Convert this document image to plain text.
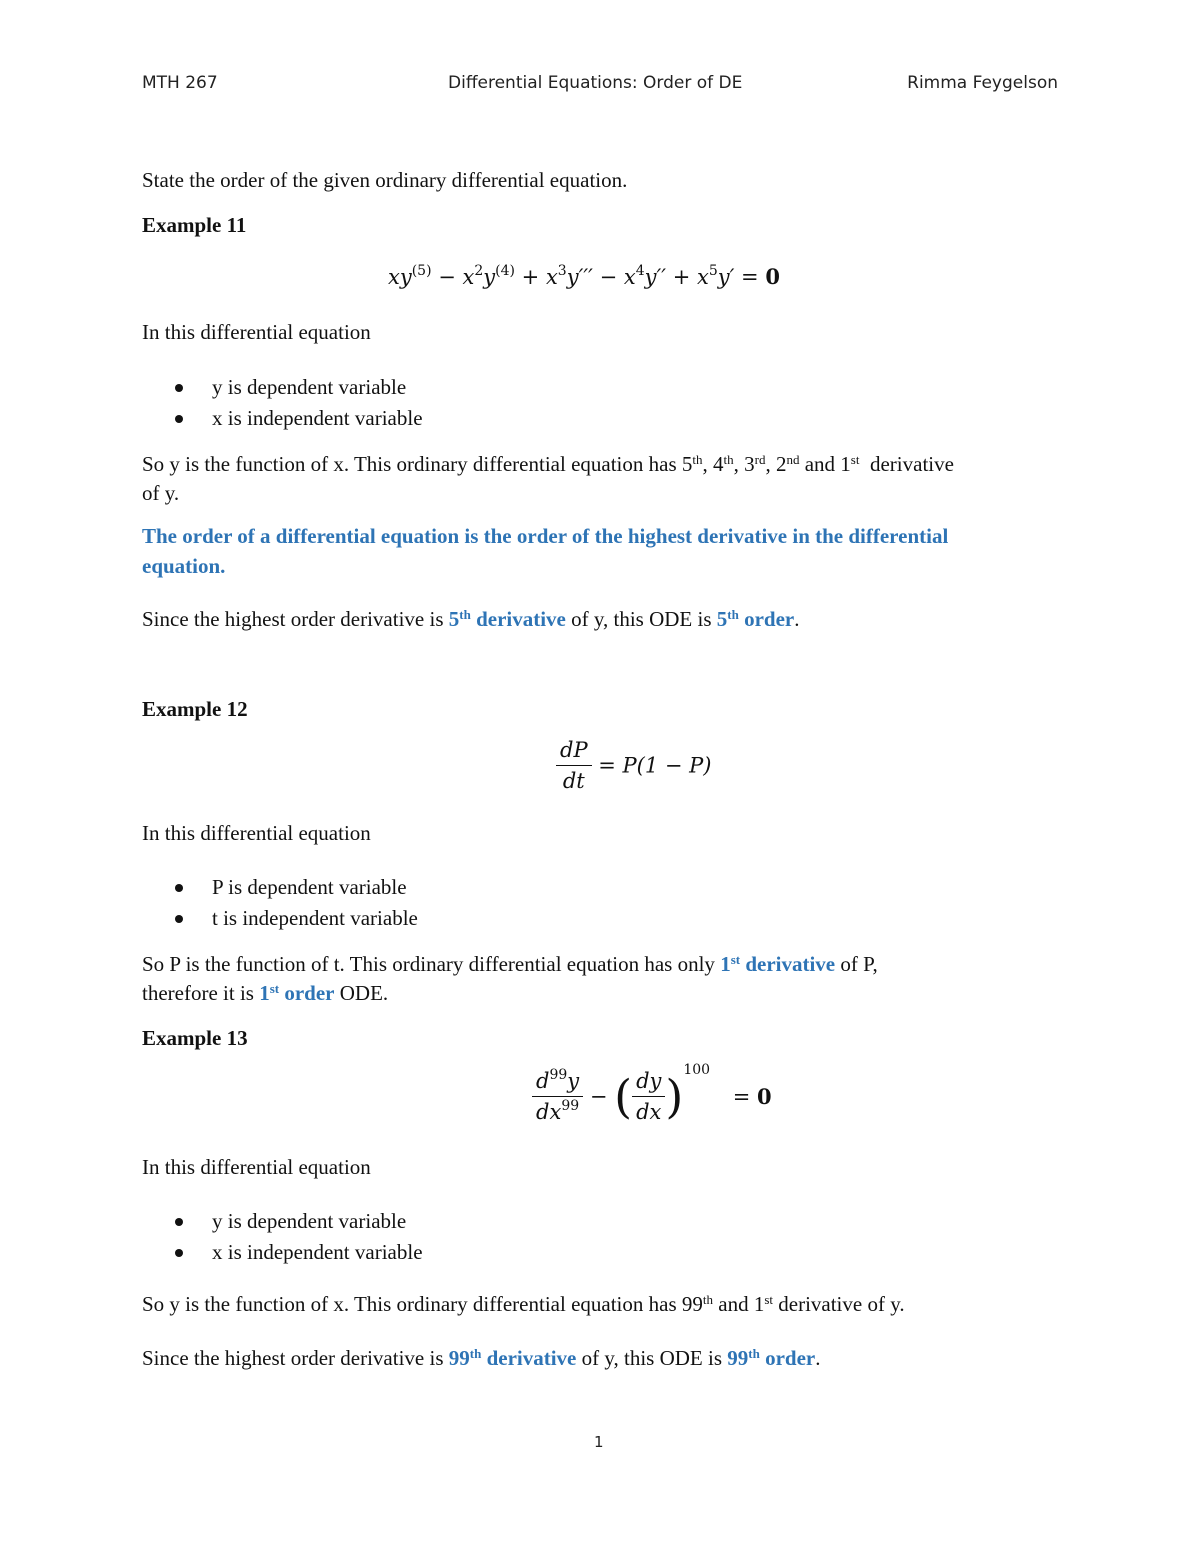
MTH 267	Differential Equations: Order of DE	Rimma Feygelson
State the order of the given ordinary differential equation.
Example 11
$xy^{(5)} - x^2y^{(4)} + x^3y''' - x^4y'' + x^5y' = 0$
In this differential equation
y is dependent variable
x is independent variable
So y is the function of x. This ordinary differential equation has 5th, 4th, 3rd, 2nd and 1st  derivative
of y.
The order of a differential equation is the order of the highest derivative in the differential
equation.
Since the highest order derivative is 5th derivative of y, this ODE is 5th order.
Example 12
$\frac{dP}{dt} = P(1 - P)$
In this differential equation
P is dependent variable
t is independent variable
So P is the function of t. This ordinary differential equation has only 1st derivative of P,
therefore it is 1st order ODE.
Example 13
$\frac{d^{99}y}{dx^{99}}$ − ( $\frac{dy}{dx} )^{100} = 0$
In this differential equation
y is dependent variable
x is independent variable
So y is the function of x. This ordinary differential equation has 99th and 1st derivative of y.
Since the highest order derivative is 99th derivative of y, this ODE is 99th order.
1
